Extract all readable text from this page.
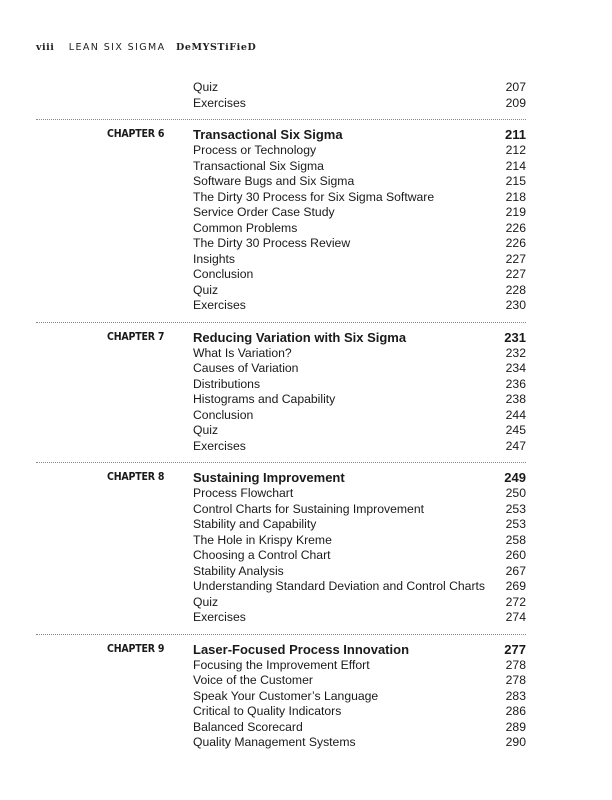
viii LEAN SIX SIGMA DeMYSTiFieD
Quiz	207
Exercises	209
CHAPTER 6 Transactional Six Sigma	211
Process or Technology	212
Transactional Six Sigma	214
Software Bugs and Six Sigma	215
The Dirty 30 Process for Six Sigma Software	218
Service Order Case Study	219
Common Problems	226
The Dirty 30 Process Review	226
Insights	227
Conclusion	227
Quiz	228
Exercises	230
CHAPTER 7 Reducing Variation with Six Sigma	231
What Is Variation?	232
Causes of Variation	234
Distributions	236
Histograms and Capability	238
Conclusion	244
Quiz	245
Exercises	247
CHAPTER 8 Sustaining Improvement	249
Process Flowchart	250
Control Charts for Sustaining Improvement	253
Stability and Capability	253
The Hole in Krispy Kreme	258
Choosing a Control Chart	260
Stability Analysis	267
Understanding Standard Deviation and Control Charts 269
Quiz	272
Exercises	274
CHAPTER 9 Laser-Focused Process Innovation	277
Focusing the Improvement Effort	278
Voice of the Customer	278
Speak Your Customer’s Language	283
Critical to Quality Indicators	286
Balanced Scorecard	289
Quality Management Systems	290
